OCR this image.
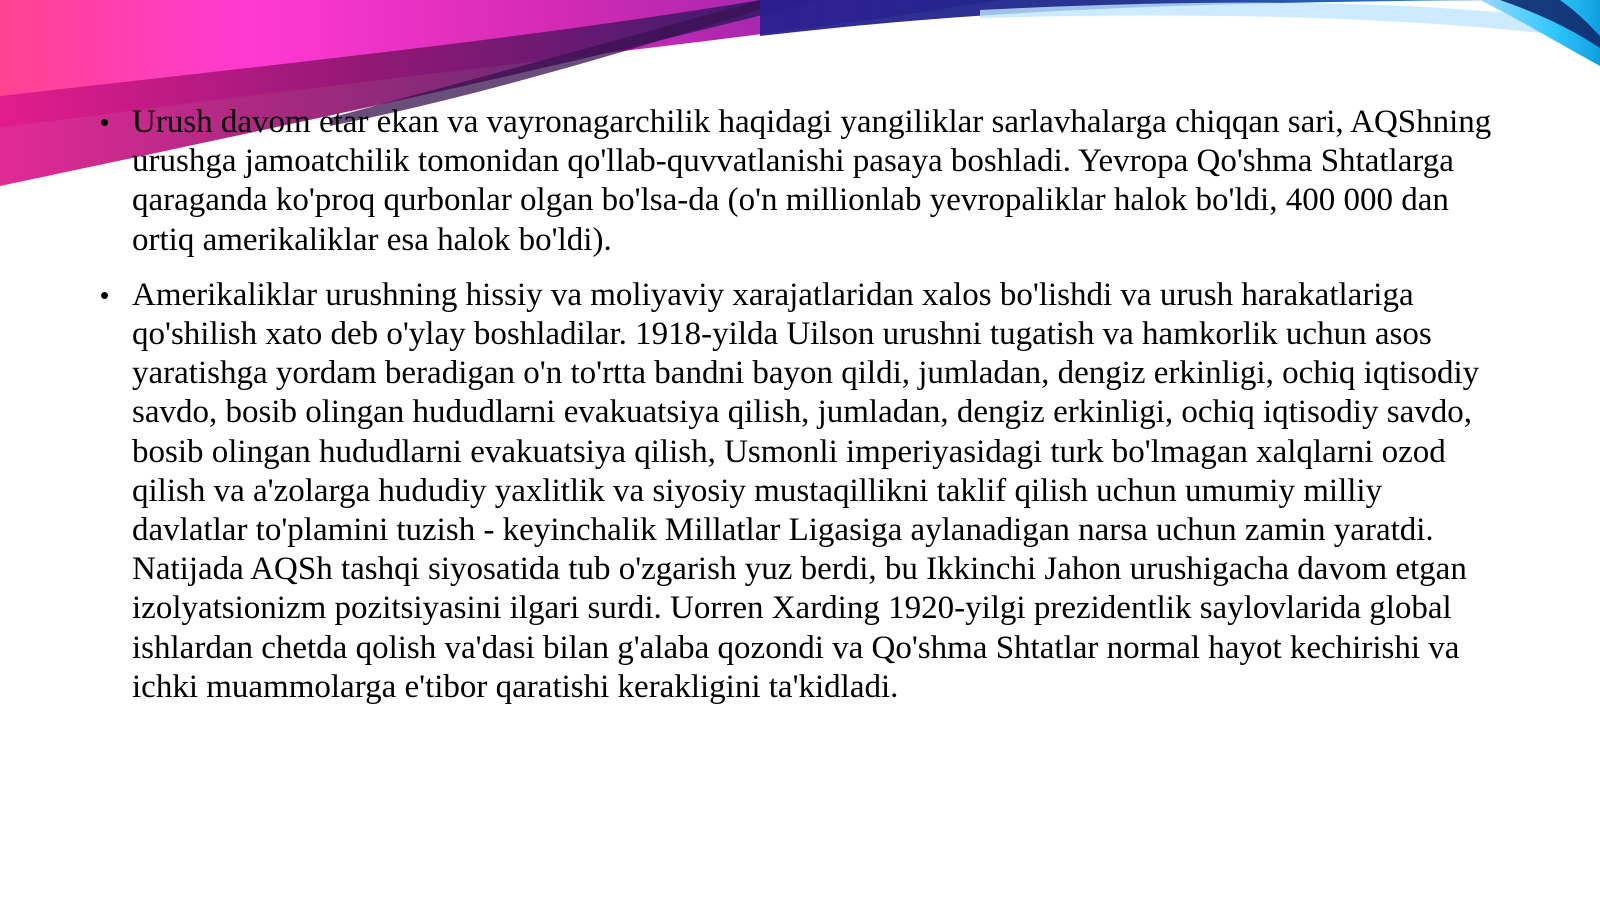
• Urush davom etar ekan va vayronagarchilik haqidagi yangiliklar sarlavhalarga chiqqan sari, AQShning urushga jamoatchilik tomonidan qo'llab-quvvatlanishi pasaya boshladi. Yevropa Qo'shma Shtatlarga qaraganda ko'proq qurbonlar olgan bo'lsa-da (o'n millionlab yevropaliklar halok bo'ldi, 400 000 dan ortiq amerikaliklar esa halok bo'ldi).
• Amerikaliklar urushning hissiy va moliyaviy xarajatlaridan xalos bo'lishdi va urush harakatlariga qo'shilish xato deb o'ylay boshladilar. 1918-yilda Uilson urushni tugatish va hamkorlik uchun asos yaratishga yordam beradigan o'n to'rtta bandni bayon qildi, jumladan, dengiz erkinligi, ochiq iqtisodiy savdo, bosib olingan hududlarni evakuatsiya qilish, jumladan, dengiz erkinligi, ochiq iqtisodiy savdo, bosib olingan hududlarni evakuatsiya qilish, Usmonli imperiyasidagi turk bo'lmagan xalqlarni ozod qilish va a'zolarga hududiy yaxlitlik va siyosiy mustaqillikni taklif qilish uchun umumiy milliy davlatlar to'plamini tuzish - keyinchalik Millatlar Ligasiga aylanadigan narsa uchun zamin yaratdi. Natijada AQSh tashqi siyosatida tub o'zgarish yuz berdi, bu Ikkinchi Jahon urushigacha davom etgan izolyatsionizm pozitsiyasini ilgari surdi. Uorren Xarding 1920-yilgi prezidentlik saylovlarida global ishlardan chetda qolish va'dasi bilan g'alaba qozondi va Qo'shma Shtatlar normal hayot kechirishi va ichki muammolarga e'tibor qaratishi kerakligini ta'kidladi.
